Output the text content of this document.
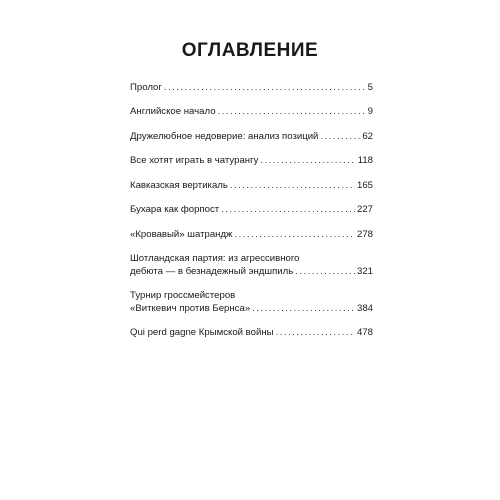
ОГЛАВЛЕНИЕ
Пролог . . .	5
Английское начало . . .	9
Дружелюбное недоверие: анализ позиций . . .	62
Все хотят играть в чатурангу . . .	118
Кавказская вертикаль . . .	165
Бухара как форпост . . .	227
«Кровавый» шатрандж . . .	278
Шотландская партия: из агрессивного
дебюта — в безнадежный эндшпиль . . .	321
Турнир гроссмейстеров
«Виткевич против Бернса» . . .	384
Qui perd gagne Крымской войны . . .	478
